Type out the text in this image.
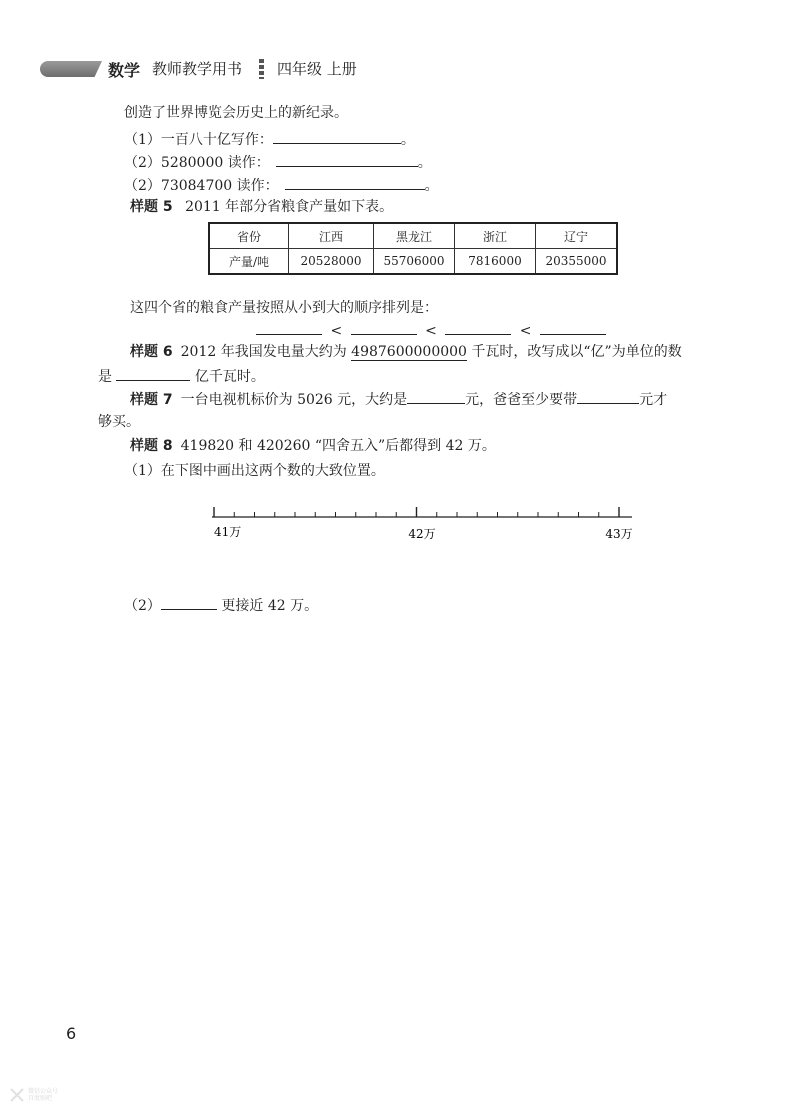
数学 教师教学用书 四年级 上册
创造了世界博览会历史上的新纪录。
（1）一百八十亿写作：	。
（2）5280000 读作：	。
（2）73084700 读作：	。
样题 5 2011 年部分省粮食产量如下表。
省份	江西	黑龙江	浙江	辽宁
产量/吨	20528000	55706000	7816000	20355000
这四个省的粮食产量按照从小到大的顺序排列是：
<	<	<
样题 6 2012 年我国发电量大约为 4987600000000 千瓦时，改写成以“亿”为单位的数
是	亿千瓦时。
样题 7 一台电视机标价为 5026 元，大约是	元，爸爸至少要带	元才
够买。
样题 8 419820 和 420260 “四舍五入”后都得到 42 万。
（1）在下图中画出这两个数的大致位置。
41万	42万	43万
（2）	更接近 42 万。
6
微信公众号
百度贴吧
